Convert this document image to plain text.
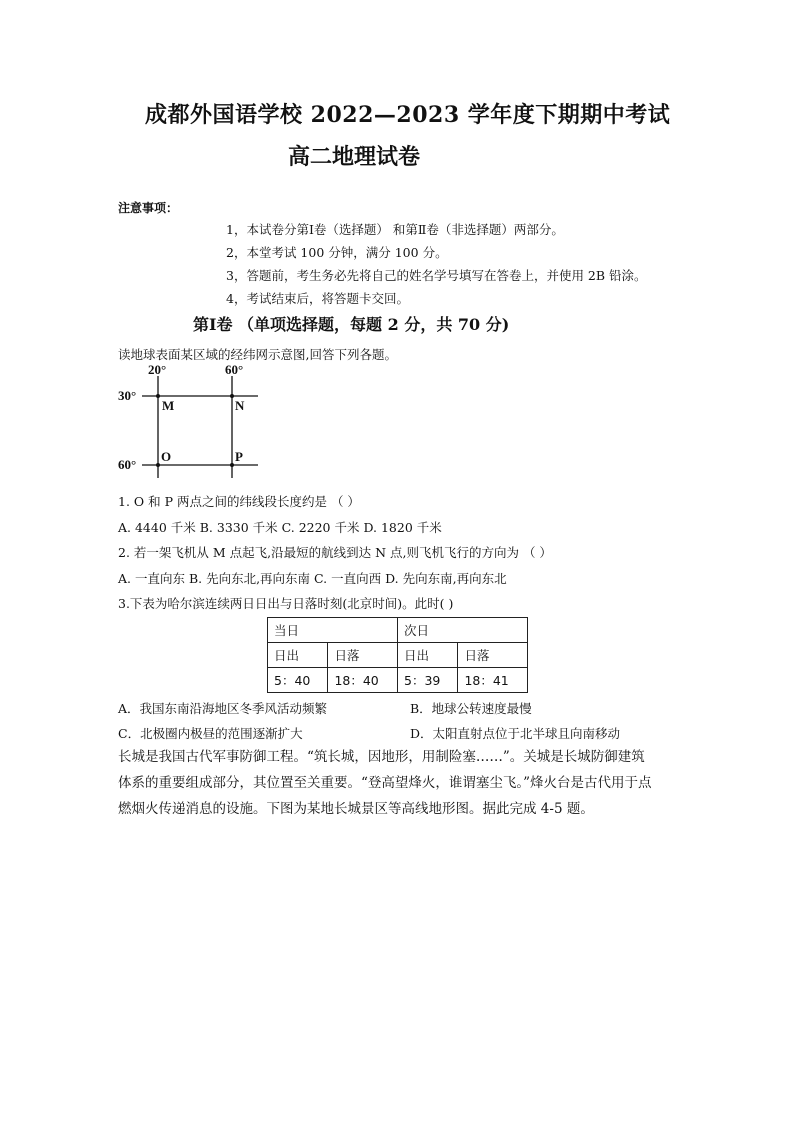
成都外国语学校 2022—2023 学年度下期期中考试
高二地理试卷
注意事项：
1，本试卷分第Ⅰ卷（选择题） 和第Ⅱ卷（非选择题）两部分。
2，本堂考试 100 分钟，满分 100 分。
3，答题前，考生务必先将自己的姓名学号填写在答卷上，并使用 2B 铅涂。
4，考试结束后，将答题卡交回。
第Ⅰ卷 （单项选择题，每题 2 分，共 70 分)
读地球表面某区域的经纬网示意图,回答下列各题。
20°	60°
30°
60°
M	N
O	P
1. O 和 P 两点之间的纬线段长度约是 （ ）
A. 4440 千米 B. 3330 千米 C. 2220 千米 D. 1820 千米
2. 若一架飞机从 M 点起飞,沿最短的航线到达 N 点,则飞机飞行的方向为 （ ）
A. 一直向东 B. 先向东北,再向东南 C. 一直向西 D. 先向东南,再向东北
3.下表为哈尔滨连续两日日出与日落时刻(北京时间)。此时( )
当日		次日	
日出	日落	日出	日落
5：40	18：40	5：39	18：41
A．我国东南沿海地区冬季风活动频繁	B．地球公转速度最慢
C．北极圈内极昼的范围逐渐扩大	D．太阳直射点位于北半球且向南移动
长城是我国古代军事防御工程。“筑长城，因地形，用制险塞……”。关城是长城防御建筑体系的重要组成部分，其位置至关重要。“登高望烽火，谁谓塞尘飞。”烽火台是古代用于点燃烟火传递消息的设施。下图为某地长城景区等高线地形图。据此完成 4-5 题。
